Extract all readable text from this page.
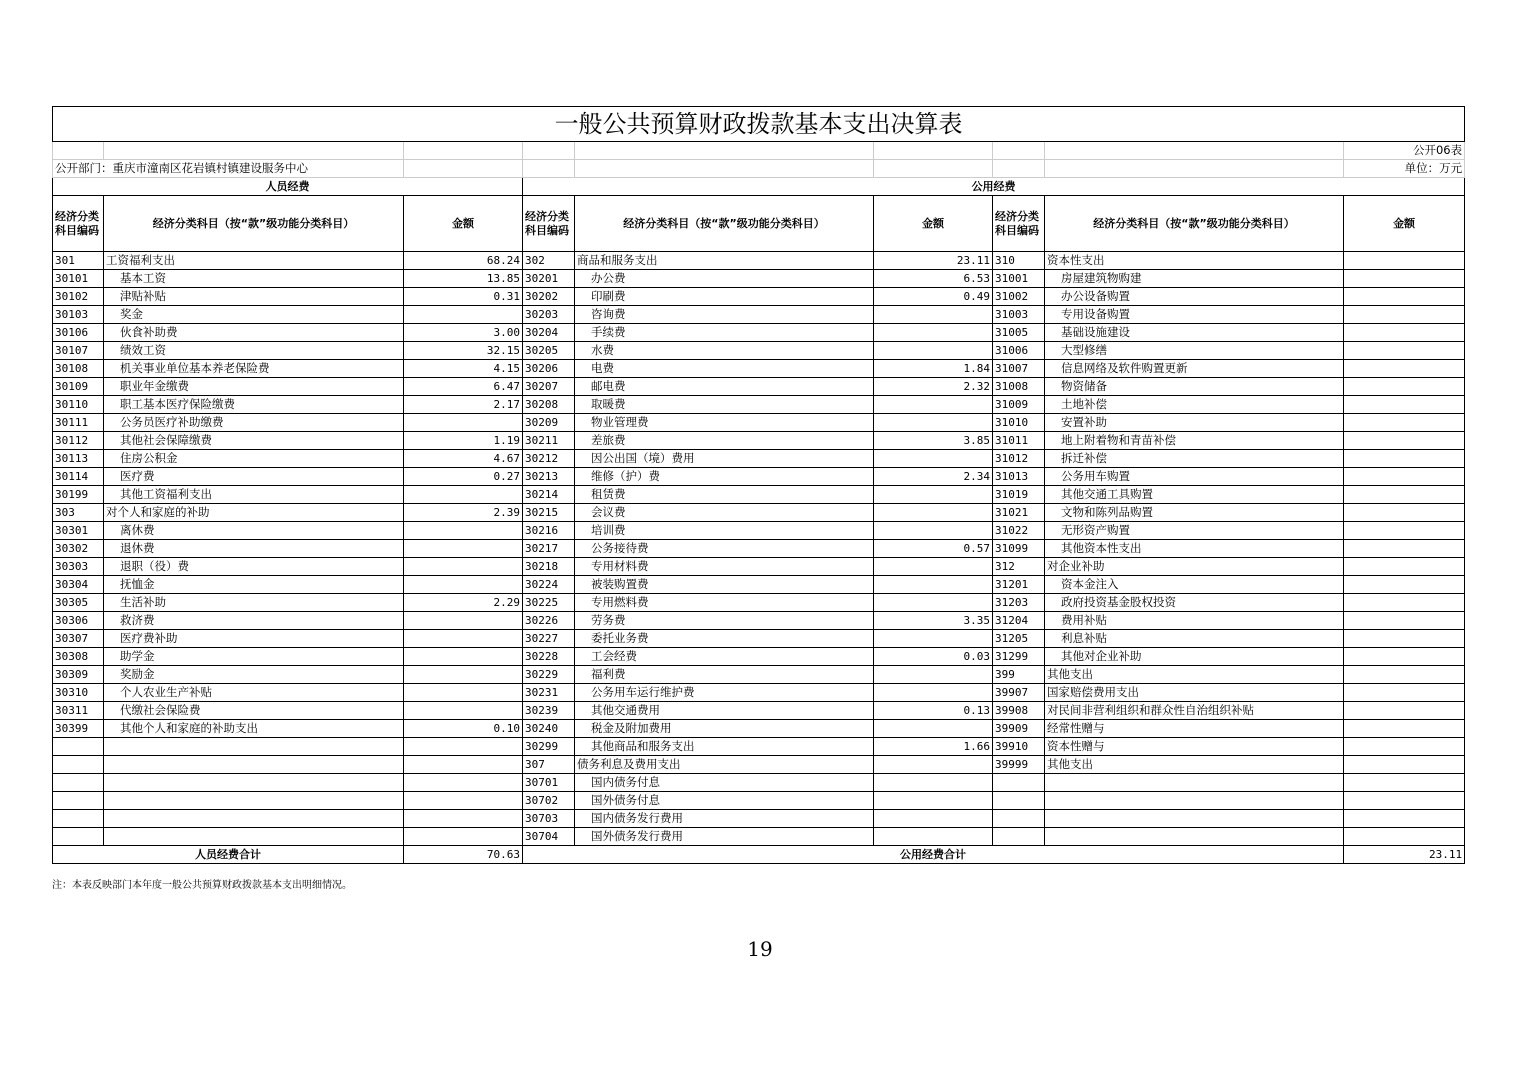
一般公共预算财政拨款基本支出决算表								
								公开06表
公开部门：重庆市潼南区花岩镇村镇建设服务中心								单位：万元
人员经费			公用经费					
经济分类科目编码	经济分类科目（按“款”级功能分类科目）	金额	经济分类科目编码	经济分类科目（按“款”级功能分类科目）	金额	经济分类科目编码	经济分类科目（按“款”级功能分类科目）	金额
301	工资福利支出	68.24	302	商品和服务支出	23.11	310	资本性支出	
30101	基本工资	13.85	30201	办公费	6.53	31001	房屋建筑物购建	
30102	津贴补贴	0.31	30202	印刷费	0.49	31002	办公设备购置	
30103	奖金		30203	咨询费		31003	专用设备购置	
30106	伙食补助费	3.00	30204	手续费		31005	基础设施建设	
30107	绩效工资	32.15	30205	水费		31006	大型修缮	
30108	机关事业单位基本养老保险费	4.15	30206	电费	1.84	31007	信息网络及软件购置更新	
30109	职业年金缴费	6.47	30207	邮电费	2.32	31008	物资储备	
30110	职工基本医疗保险缴费	2.17	30208	取暖费		31009	土地补偿	
30111	公务员医疗补助缴费		30209	物业管理费		31010	安置补助	
30112	其他社会保障缴费	1.19	30211	差旅费	3.85	31011	地上附着物和青苗补偿	
30113	住房公积金	4.67	30212	因公出国（境）费用		31012	拆迁补偿	
30114	医疗费	0.27	30213	维修（护）费	2.34	31013	公务用车购置	
30199	其他工资福利支出		30214	租赁费		31019	其他交通工具购置	
303	对个人和家庭的补助	2.39	30215	会议费		31021	文物和陈列品购置	
30301	离休费		30216	培训费		31022	无形资产购置	
30302	退休费		30217	公务接待费	0.57	31099	其他资本性支出	
30303	退职（役）费		30218	专用材料费		312	对企业补助	
30304	抚恤金		30224	被装购置费		31201	资本金注入	
30305	生活补助	2.29	30225	专用燃料费		31203	政府投资基金股权投资	
30306	救济费		30226	劳务费	3.35	31204	费用补贴	
30307	医疗费补助		30227	委托业务费		31205	利息补贴	
30308	助学金		30228	工会经费	0.03	31299	其他对企业补助	
30309	奖励金		30229	福利费		399	其他支出	
30310	个人农业生产补贴		30231	公务用车运行维护费		39907	国家赔偿费用支出	
30311	代缴社会保险费		30239	其他交通费用	0.13	39908	对民间非营利组织和群众性自治组织补贴	
30399	其他个人和家庭的补助支出	0.10	30240	税金及附加费用		39909	经常性赠与	
			30299	其他商品和服务支出	1.66	39910	资本性赠与	
			307	债务利息及费用支出		39999	其他支出	
			30701	国内债务付息				
			30702	国外债务付息				
			30703	国内债务发行费用				
			30704	国外债务发行费用				
人员经费合计		70.63	公用经费合计					23.11
注：本表反映部门本年度一般公共预算财政拨款基本支出明细情况。
19
